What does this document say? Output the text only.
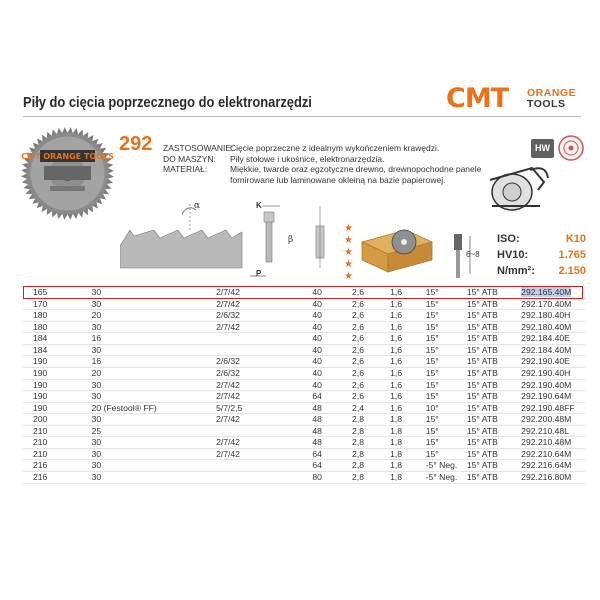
Piły do cięcia poprzecznego do elektronarzędzi	CMT ORANGE
TOOLS
CMT ORANGE TOOLS
292 ZASTOSOWANIE:
DO MASZYN:
MATERIAŁ:
Cięcie poprzeczne z idealnym wykończeniem krawędzi.
Piły stołowe i ukośnice, elektronarzędzia.
Miękkie, twarde oraz egzotyczne drewno, drewnopochodne panele
fornirowane lub laminowane okleiną na bazie papierowej.
HW
α	K
β
P
★
★
★
★
★
6~8
ISO:	K10
HV10:	1.765
N/mm²:	2.150
165	30	2/7/42	40	2,6	1,6	15°	15° ATB	292.165.40M
170	30	2/7/42	40	2,6	1,6	15°	15° ATB	292.170.40M
180	20	2/6/32	40	2,6	1,6	15°	15° ATB	292.180.40H
180	30	2/7/42	40	2,6	1,6	15°	15° ATB	292.180.40M
184	16		40	2,6	1,6	15°	15° ATB	292.184.40E
184	30		40	2,6	1,6	15°	15° ATB	292.184.40M
190	16	2/6/32	40	2,6	1,6	15°	15° ATB	292.190.40E
190	20	2/6/32	40	2,6	1,6	15°	15° ATB	292.190.40H
190	30	2/7/42	40	2,6	1,6	15°	15° ATB	292.190.40M
190	30	2/7/42	64	2,6	1,6	15°	15° ATB	292.190.64M
190	20 (Festool® FF)	5/7/2,5	48	2,4	1,6	10°	15° ATB	292.190.48FF
200	30	2/7/42	48	2,8	1,8	15°	15° ATB	292.200.48M
210	25		48	2,8	1,8	15°	15° ATB	292.210.48L
210	30	2/7/42	48	2,8	1,8	15°	15° ATB	292.210.48M
210	30	2/7/42	64	2,8	1,8	15°	15° ATB	292.210.64M
216	30		64	2,8	1,8	-5° Neg.	15° ATB	292.216.64M
216	30		80	2,8	1,8	-5° Neg.	15° ATB	292.216.80M
